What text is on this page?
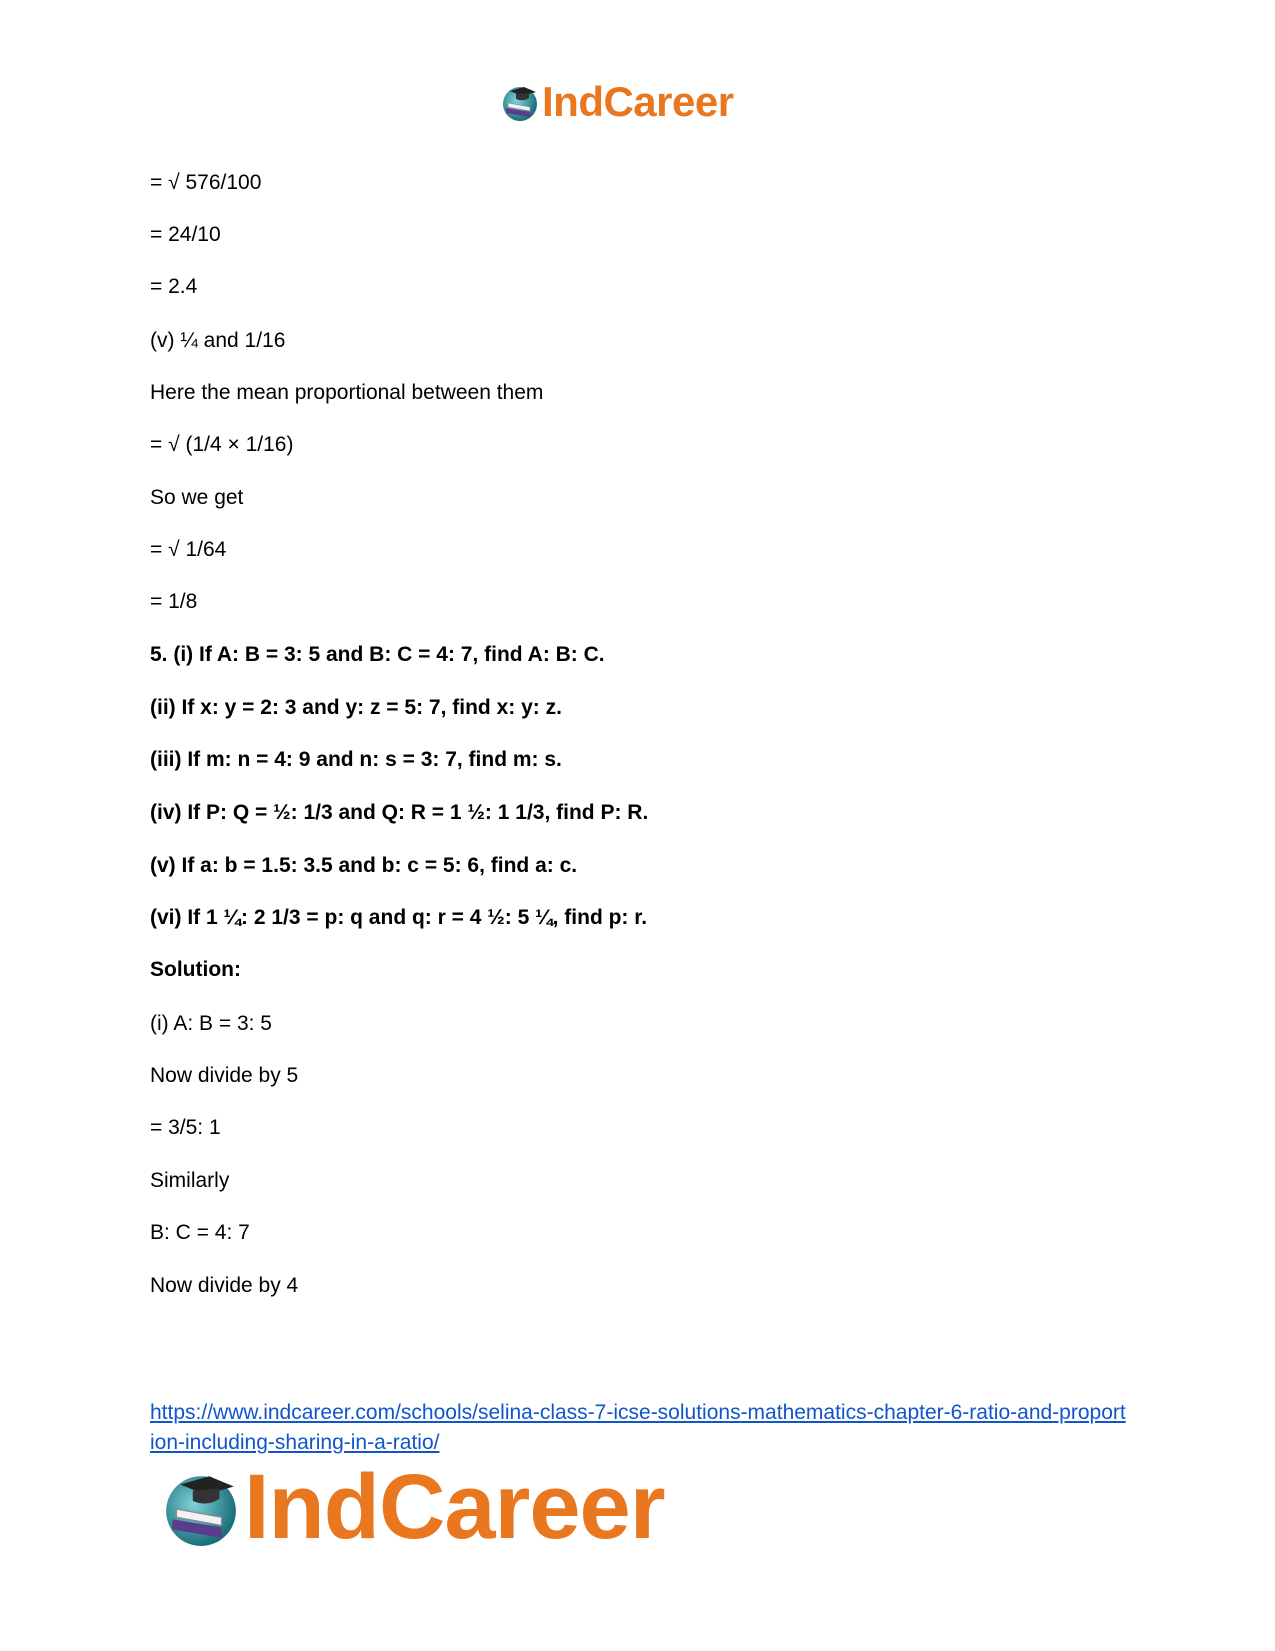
IndCareer
= √ 576/100
= 24/10
= 2.4
(v) ¼ and 1/16
Here the mean proportional between them
= √ (1/4 × 1/16)
So we get
= √ 1/64
= 1/8
5. (i) If A: B = 3: 5 and B: C = 4: 7, find A: B: C.
(ii) If x: y = 2: 3 and y: z = 5: 7, find x: y: z.
(iii) If m: n = 4: 9 and n: s = 3: 7, find m: s.
(iv) If P: Q = ½: 1/3 and Q: R = 1 ½: 1 1/3, find P: R.
(v) If a: b = 1.5: 3.5 and b: c = 5: 6, find a: c.
(vi) If 1 ¼: 2 1/3 = p: q and q: r = 4 ½: 5 ¼, find p: r.
Solution:
(i) A: B = 3: 5
Now divide by 5
= 3/5: 1
Similarly
B: C = 4: 7
Now divide by 4
https://www.indcareer.com/schools/selina-class-7-icse-solutions-mathematics-chapter-6-ratio-and-proportion-including-sharing-in-a-ratio/
IndCareer
